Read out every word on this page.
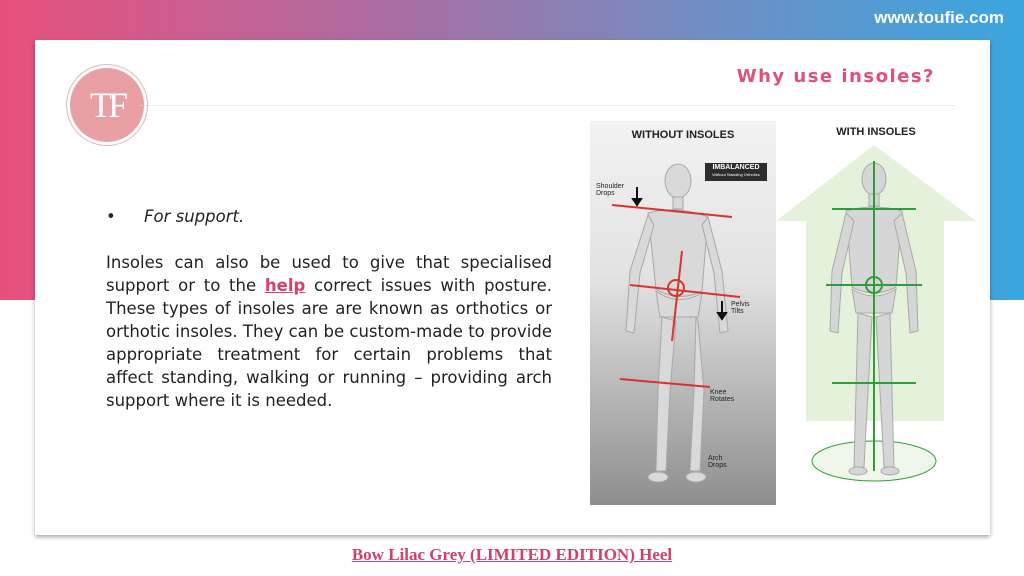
www.toufie.com
TF
Why use insoles?
•	For support.
Insoles can also be used to give that specialised support or to the help correct issues with posture. These types of insoles are are known as orthotics or orthotic insoles. They can be custom-made to provide appropriate treatment for certain problems that affect standing, walking or running – providing arch support where it is needed.
WITHOUT INSOLES
IMBALANCED
Without Standing Orthotics
Shoulder Drops
Pelvis Tilts
Knee Rotates
Arch Drops
WITH INSOLES
Bow Lilac Grey (LIMITED EDITION) Heel
